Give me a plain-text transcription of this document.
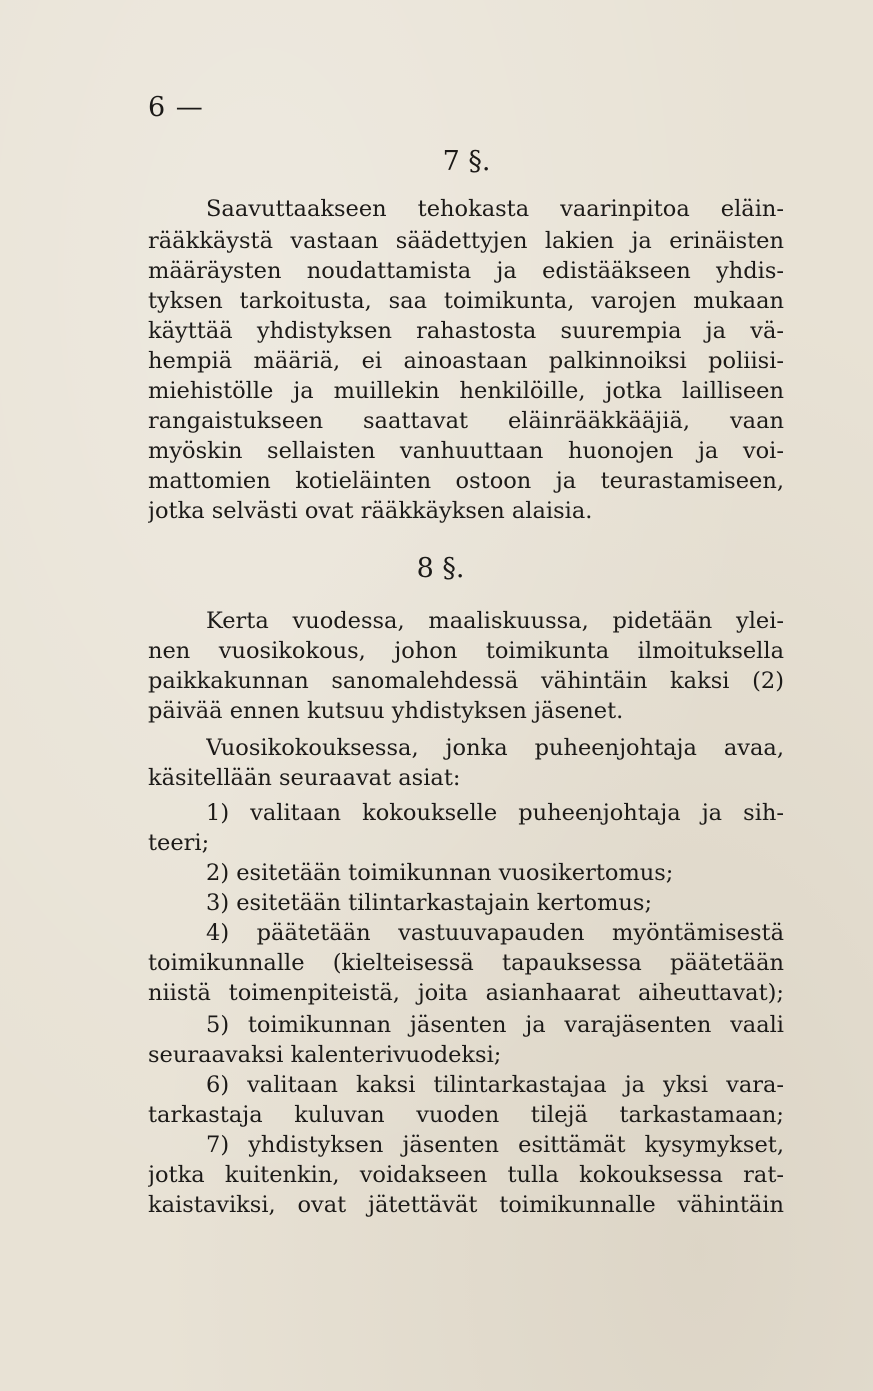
6 —
7 §.
Saavuttaakseen tehokasta vaarinpitoa eläin-
rääkkäystä vastaan säädettyjen lakien ja erinäisten
määräysten noudattamista ja edistääkseen yhdis-
tyksen tarkoitusta, saa toimikunta, varojen mukaan
käyttää yhdistyksen rahastosta suurempia ja vä-
hempiä määriä, ei ainoastaan palkinnoiksi poliisi-
miehistölle ja muillekin henkilöille, jotka lailliseen
rangaistukseen saattavat eläinrääkkääjiä, vaan
myöskin sellaisten vanhuuttaan huonojen ja voi-
mattomien kotieläinten ostoon ja teurastamiseen,
jotka selvästi ovat rääkkäyksen alaisia.
8 §.
Kerta vuodessa, maaliskuussa, pidetään ylei-
nen vuosikokous, johon toimikunta ilmoituksella
paikkakunnan sanomalehdessä vähintäin kaksi (2)
päivää ennen kutsuu yhdistyksen jäsenet.
Vuosikokouksessa, jonka puheenjohtaja avaa,
käsitellään seuraavat asiat:
1) valitaan kokoukselle puheenjohtaja ja sih-
teeri;
2) esitetään toimikunnan vuosikertomus;
3) esitetään tilintarkastajain kertomus;
4) päätetään vastuuvapauden myöntämisestä
toimikunnalle (kielteisessä tapauksessa päätetään
niistä toimenpiteistä, joita asianhaarat aiheuttavat);
5) toimikunnan jäsenten ja varajäsenten vaali
seuraavaksi kalenterivuodeksi;
6) valitaan kaksi tilintarkastajaa ja yksi vara-
tarkastaja kuluvan vuoden tilejä tarkastamaan;
7) yhdistyksen jäsenten esittämät kysymykset,
jotka kuitenkin, voidakseen tulla kokouksessa rat-
kaistaviksi, ovat jätettävät toimikunnalle vähintäin
